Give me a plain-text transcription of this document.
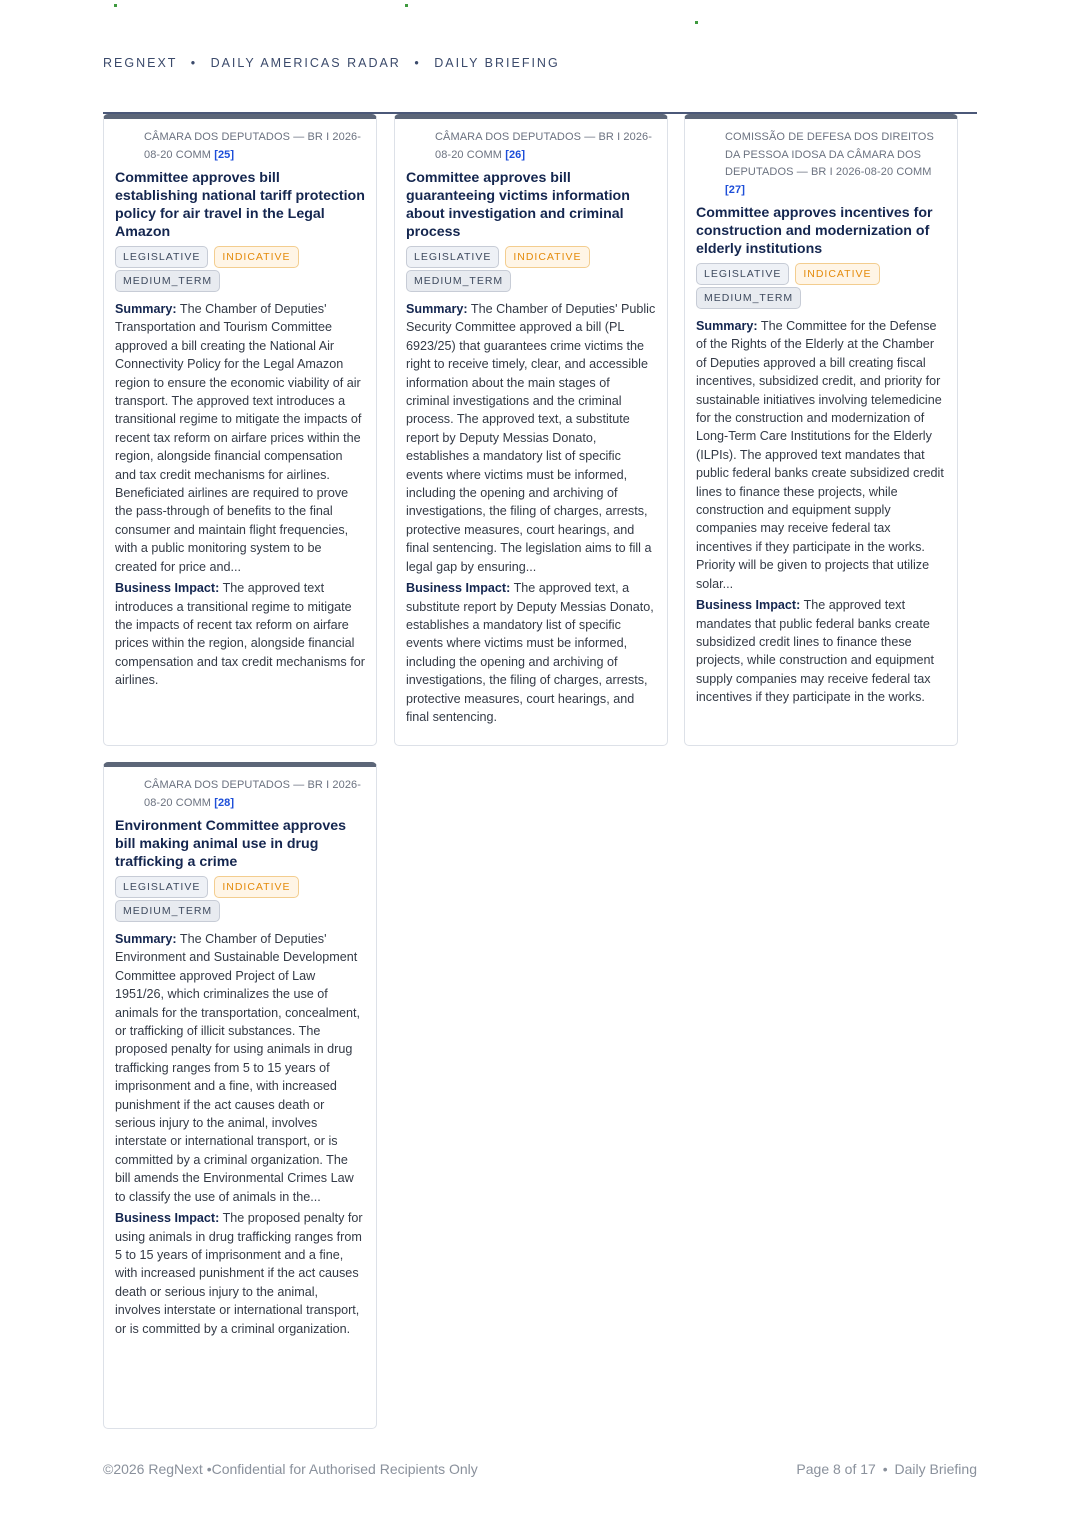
REGNEXT • DAILY AMERICAS RADAR • DAILY BRIEFING
CÂMARA DOS DEPUTADOS — BR I 2026-08-20 COMM [25]
Committee approves bill establishing national tariff protection policy for air travel in the Legal Amazon
LEGISLATIVE INDICATIVEMEDIUM_TERM
Summary: The Chamber of Deputies' Transportation and Tourism Committee approved a bill creating the National Air Connectivity Policy for the Legal Amazon region to ensure the economic viability of air transport. The approved text introduces a transitional regime to mitigate the impacts of recent tax reform on airfare prices within the region, alongside financial compensation and tax credit mechanisms for airlines. Beneficiated airlines are required to prove the pass-through of benefits to the final consumer and maintain flight frequencies, with a public monitoring system to be created for price and...
Business Impact: The approved text introduces a transitional regime to mitigate the impacts of recent tax reform on airfare prices within the region, alongside financial compensation and tax credit mechanisms for airlines.
CÂMARA DOS DEPUTADOS — BR I 2026-08-20 COMM [26]
Committee approves bill guaranteeing victims information about investigation and criminal process
LEGISLATIVE INDICATIVEMEDIUM_TERM
Summary: The Chamber of Deputies' Public Security Committee approved a bill (PL 6923/25) that guarantees crime victims the right to receive timely, clear, and accessible information about the main stages of criminal investigations and the criminal process. The approved text, a substitute report by Deputy Messias Donato, establishes a mandatory list of specific events where victims must be informed, including the opening and archiving of investigations, the filing of charges, arrests, protective measures, court hearings, and final sentencing. The legislation aims to fill a legal gap by ensuring...
Business Impact: The approved text, a substitute report by Deputy Messias Donato, establishes a mandatory list of specific events where victims must be informed, including the opening and archiving of investigations, the filing of charges, arrests, protective measures, court hearings, and final sentencing.
COMISSÃO DE DEFESA DOS DIREITOS DA PESSOA IDOSA DA CÂMARA DOS DEPUTADOS — BR I 2026-08-20 COMM [27]
Committee approves incentives for construction and modernization of elderly institutions
LEGISLATIVE INDICATIVEMEDIUM_TERM
Summary: The Committee for the Defense of the Rights of the Elderly at the Chamber of Deputies approved a bill creating fiscal incentives, subsidized credit, and priority for sustainable initiatives involving telemedicine for the construction and modernization of Long-Term Care Institutions for the Elderly (ILPIs). The approved text mandates that public federal banks create subsidized credit lines to finance these projects, while construction and equipment supply companies may receive federal tax incentives if they participate in the works. Priority will be given to projects that utilize solar...
Business Impact: The approved text mandates that public federal banks create subsidized credit lines to finance these projects, while construction and equipment supply companies may receive federal tax incentives if they participate in the works.
CÂMARA DOS DEPUTADOS — BR I 2026-08-20 COMM [28]
Environment Committee approves bill making animal use in drug trafficking a crime
LEGISLATIVE INDICATIVEMEDIUM_TERM
Summary: The Chamber of Deputies' Environment and Sustainable Development Committee approved Project of Law 1951/26, which criminalizes the use of animals for the transportation, concealment, or trafficking of illicit substances. The proposed penalty for using animals in drug trafficking ranges from 5 to 15 years of imprisonment and a fine, with increased punishment if the act causes death or serious injury to the animal, involves interstate or international transport, or is committed by a criminal organization. The bill amends the Environmental Crimes Law to classify the use of animals in the...
Business Impact: The proposed penalty for using animals in drug trafficking ranges from 5 to 15 years of imprisonment and a fine, with increased punishment if the act causes death or serious injury to the animal, involves interstate or international transport, or is committed by a criminal organization.
©2026 RegNext •Confidential for Authorised Recipients Only	Page 8 of 17 • Daily Briefing
